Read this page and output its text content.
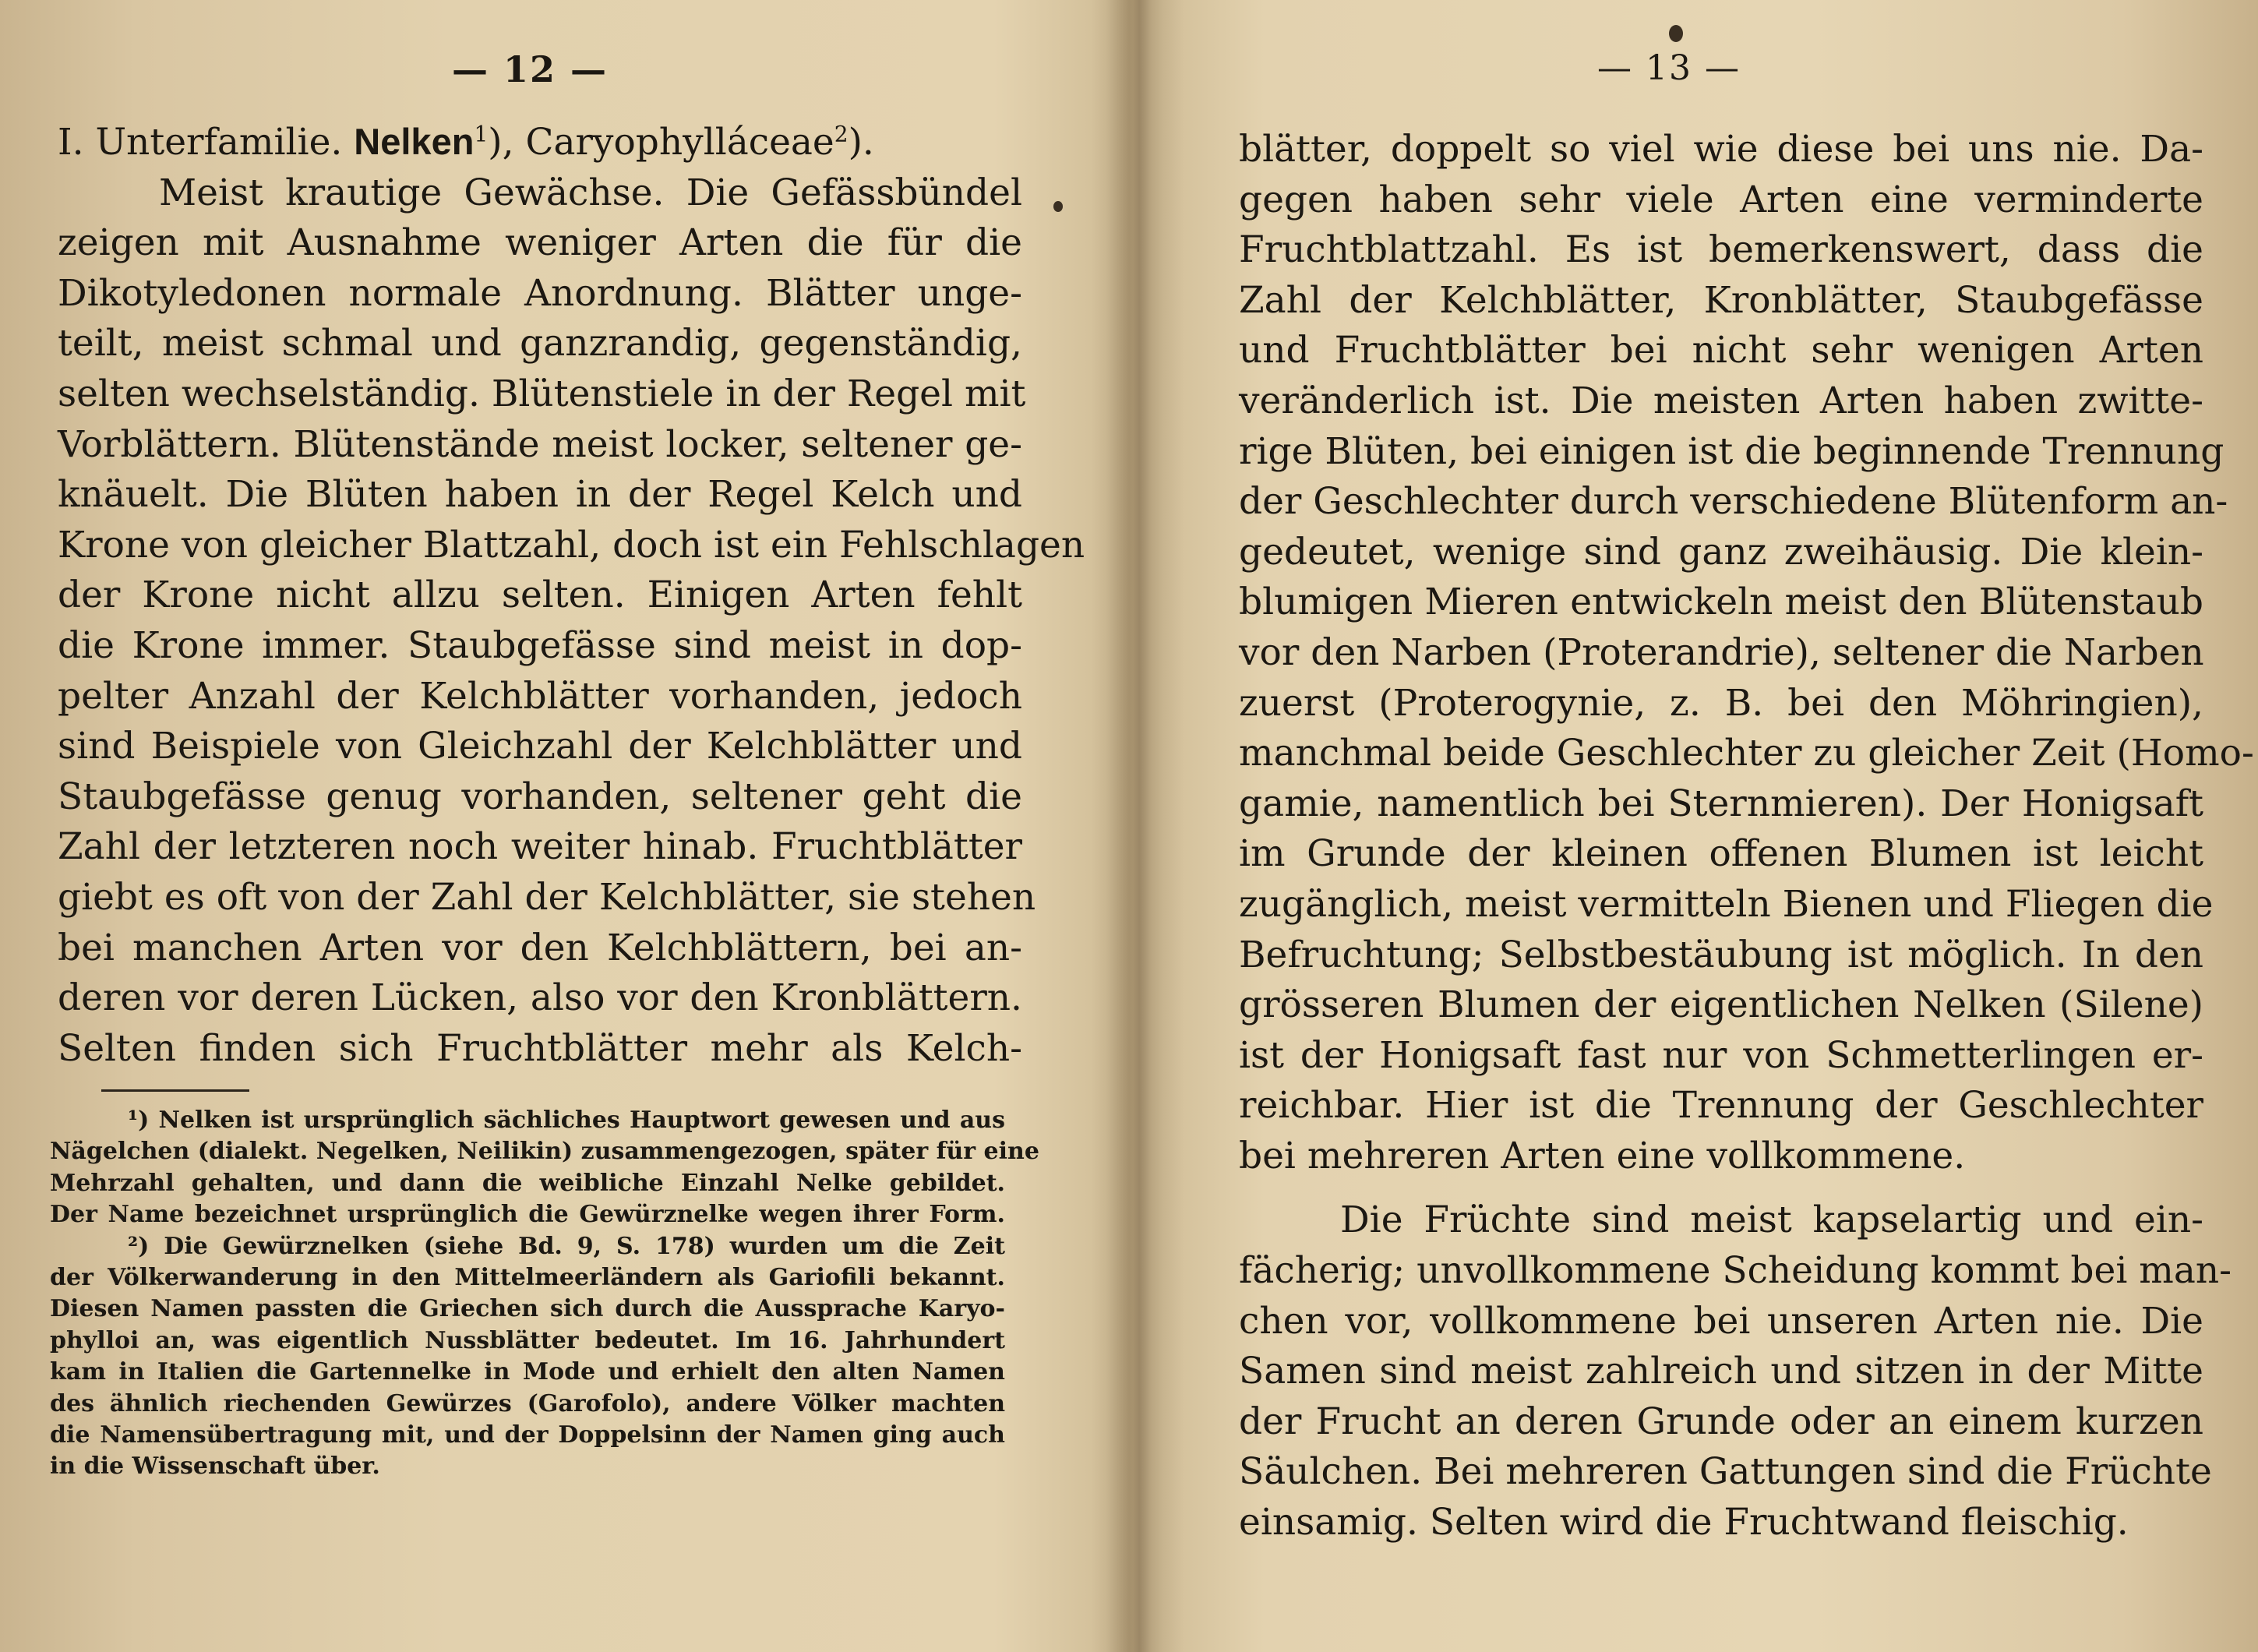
— 12 —
I. Unterfamilie. Nelken$^1$), Caryophylláceae$^2$).
Meist krautige Gewächse. Die Gefässbündel
zeigen mit Ausnahme weniger Arten die für die
Dikotyledonen normale Anordnung. Blätter unge-
teilt, meist schmal und ganzrandig, gegenständig,
selten wechselständig. Blütenstiele in der Regel mit
Vorblättern. Blütenstände meist locker, seltener ge-
knäuelt. Die Blüten haben in der Regel Kelch und
Krone von gleicher Blattzahl, doch ist ein Fehlschlagen
der Krone nicht allzu selten. Einigen Arten fehlt
die Krone immer. Staubgefässe sind meist in dop-
pelter Anzahl der Kelchblätter vorhanden, jedoch
sind Beispiele von Gleichzahl der Kelchblätter und
Staubgefässe genug vorhanden, seltener geht die
Zahl der letzteren noch weiter hinab. Fruchtblätter
giebt es oft von der Zahl der Kelchblätter, sie stehen
bei manchen Arten vor den Kelchblättern, bei an-
deren vor deren Lücken, also vor den Kronblättern.
Selten finden sich Fruchtblätter mehr als Kelch-
¹) Nelken ist ursprünglich sächliches Hauptwort gewesen und aus
Nägelchen (dialekt. Negelken, Neilikin) zusammengezogen, später für eine
Mehrzahl gehalten, und dann die weibliche Einzahl Nelke gebildet.
Der Name bezeichnet ursprünglich die Gewürznelke wegen ihrer Form.
²) Die Gewürznelken (siehe Bd. 9, S. 178) wurden um die Zeit
der Völkerwanderung in den Mittelmeerländern als Gariofili bekannt.
Diesen Namen passten die Griechen sich durch die Aussprache Karyo-
phylloi an, was eigentlich Nussblätter bedeutet. Im 16. Jahrhundert
kam in Italien die Gartennelke in Mode und erhielt den alten Namen
des ähnlich riechenden Gewürzes (Garofolo), andere Völker machten
die Namensübertragung mit, und der Doppelsinn der Namen ging auch
in die Wissenschaft über.
— 13 —
blätter, doppelt so viel wie diese bei uns nie. Da-
gegen haben sehr viele Arten eine verminderte
Fruchtblattzahl. Es ist bemerkenswert, dass die
Zahl der Kelchblätter, Kronblätter, Staubgefässe
und Fruchtblätter bei nicht sehr wenigen Arten
veränderlich ist. Die meisten Arten haben zwitte-
rige Blüten, bei einigen ist die beginnende Trennung
der Geschlechter durch verschiedene Blütenform an-
gedeutet, wenige sind ganz zweihäusig. Die klein-
blumigen Mieren entwickeln meist den Blütenstaub
vor den Narben (Proterandrie), seltener die Narben
zuerst (Proterogynie, z. B. bei den Möhringien),
manchmal beide Geschlechter zu gleicher Zeit (Homo-
gamie, namentlich bei Sternmieren). Der Honigsaft
im Grunde der kleinen offenen Blumen ist leicht
zugänglich, meist vermitteln Bienen und Fliegen die
Befruchtung; Selbstbestäubung ist möglich. In den
grösseren Blumen der eigentlichen Nelken (Silene)
ist der Honigsaft fast nur von Schmetterlingen er-
reichbar. Hier ist die Trennung der Geschlechter
bei mehreren Arten eine vollkommene.
Die Früchte sind meist kapselartig und ein-
fächerig; unvollkommene Scheidung kommt bei man-
chen vor, vollkommene bei unseren Arten nie. Die
Samen sind meist zahlreich und sitzen in der Mitte
der Frucht an deren Grunde oder an einem kurzen
Säulchen. Bei mehreren Gattungen sind die Früchte
einsamig. Selten wird die Fruchtwand fleischig.
